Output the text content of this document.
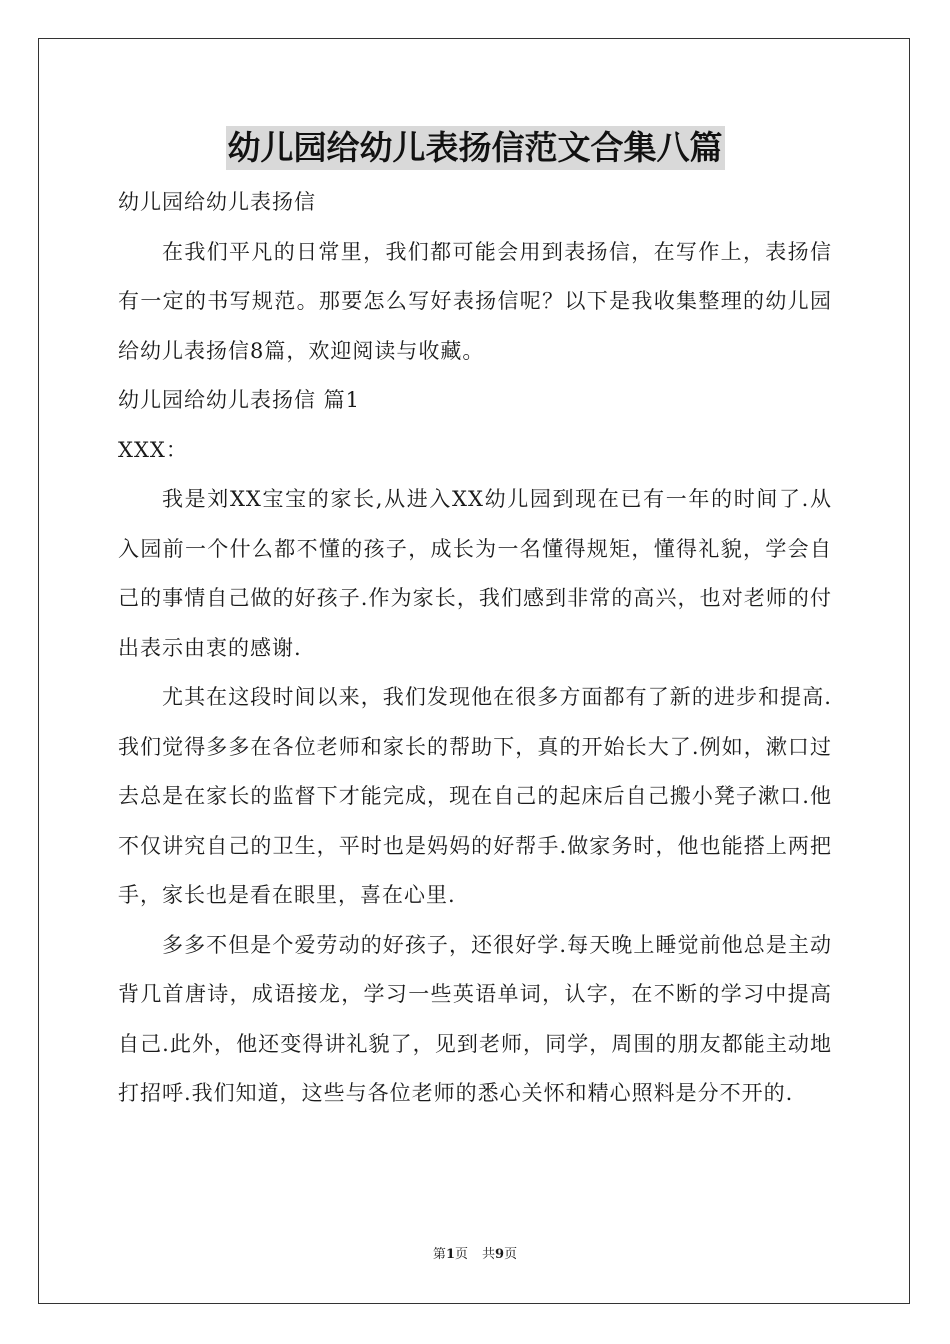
幼儿园给幼儿表扬信范文合集八篇

幼儿园给幼儿表扬信

在我们平凡的日常里，我们都可能会用到表扬信，在写作上，表扬信有一定的书写规范。那要怎么写好表扬信呢？以下是我收集整理的幼儿园给幼儿表扬信8篇，欢迎阅读与收藏。

幼儿园给幼儿表扬信 篇1

XXX：

我是刘XX宝宝的家长,从进入XX幼儿园到现在已有一年的时间了.从入园前一个什么都不懂的孩子，成长为一名懂得规矩，懂得礼貌，学会自己的事情自己做的好孩子.作为家长，我们感到非常的高兴，也对老师的付出表示由衷的感谢.

尤其在这段时间以来，我们发现他在很多方面都有了新的进步和提高.我们觉得多多在各位老师和家长的帮助下，真的开始长大了.例如，漱口过去总是在家长的监督下才能完成，现在自己的起床后自己搬小凳子漱口.他不仅讲究自己的卫生，平时也是妈妈的好帮手.做家务时，他也能搭上两把手，家长也是看在眼里，喜在心里.

多多不但是个爱劳动的好孩子，还很好学.每天晚上睡觉前他总是主动背几首唐诗，成语接龙，学习一些英语单词，认字，在不断的学习中提高自己.此外，他还变得讲礼貌了，见到老师，同学，周围的朋友都能主动地打招呼.我们知道，这些与各位老师的悉心关怀和精心照料是分不开的.

第1页 共9页
